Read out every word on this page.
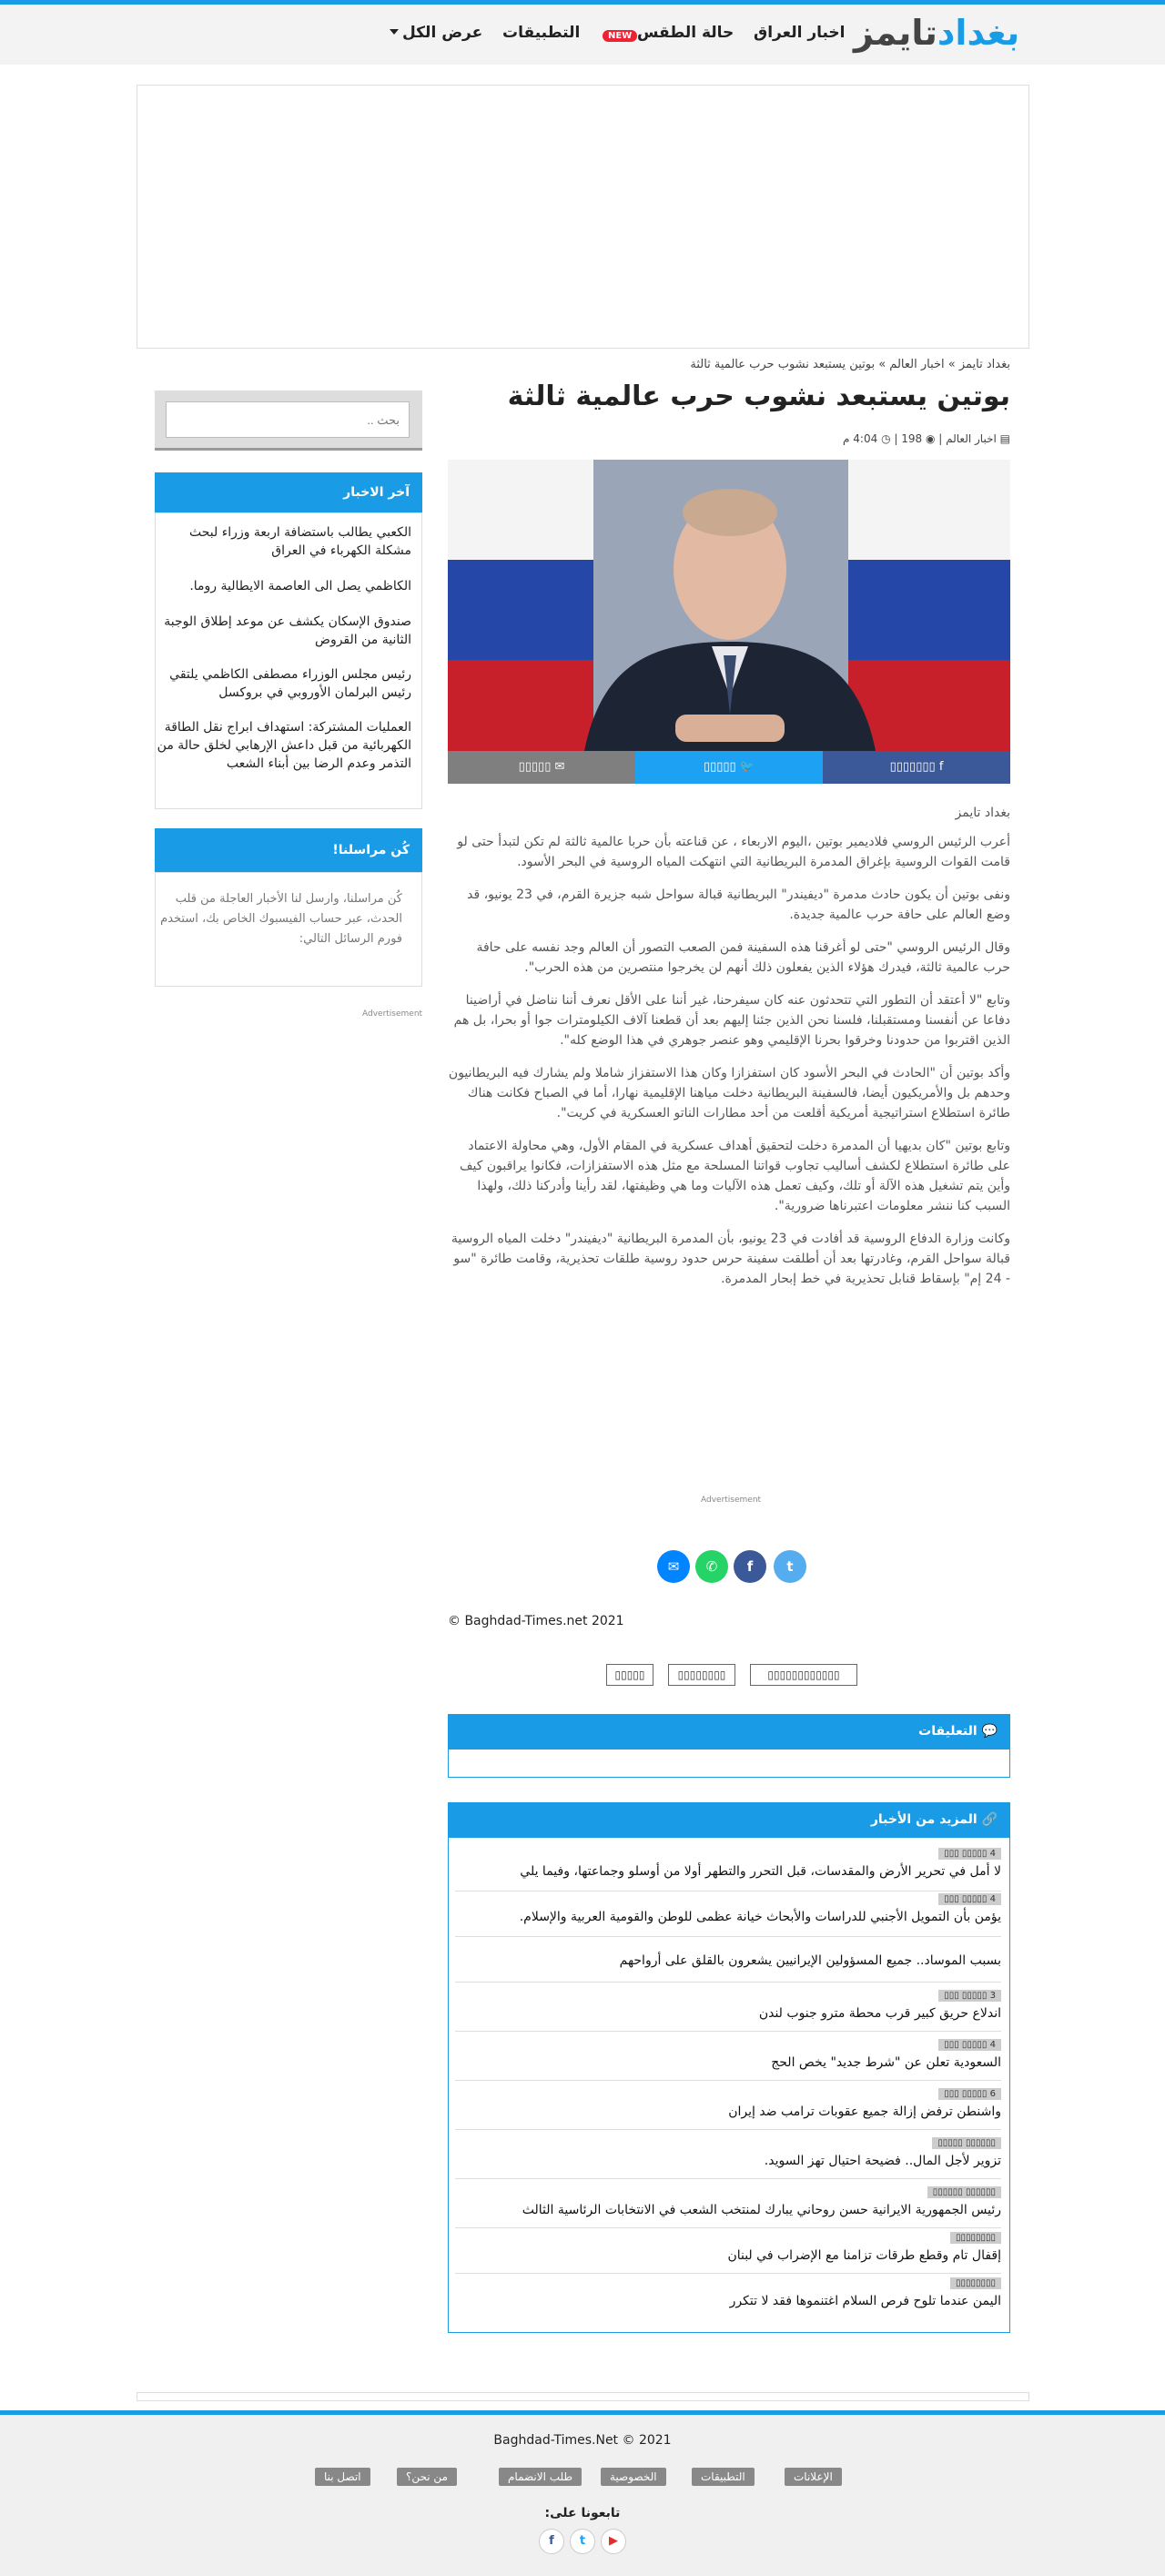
بغدادتايمز
اخبار العراق
حالة الطقس
NEW
التطبيقات
عرض الكل
بغداد تايمز » اخبار العالم » بوتين يستبعد نشوب حرب عالمية ثالثة
بوتين يستبعد نشوب حرب عالمية ثالثة
▤ اخبار العالم | ◉ 198 | ◷ 4:04 م
f ▯▯▯▯▯▯▯
🐦 ▯▯▯▯▯
✉ ▯▯▯▯▯

بغداد تايمز

أعرب الرئيس الروسي فلاديمير بوتين ،اليوم الاربعاء ، عن قناعته بأن حربا عالمية ثالثة لم تكن لتبدأ حتى لو قامت القوات الروسية بإغراق المدمرة البريطانية التي انتهكت المياه الروسية في البحر الأسود.

ونفى بوتين أن يكون حادث مدمرة "ديفيندر" البريطانية قبالة سواحل شبه جزيرة القرم، في 23 يونيو، قد وضع العالم على حافة حرب عالمية جديدة.

وقال الرئيس الروسي "حتى لو أغرقنا هذه السفينة فمن الصعب التصور أن العالم وجد نفسه على حافة حرب عالمية ثالثة، فيدرك هؤلاء الذين يفعلون ذلك أنهم لن يخرجوا منتصرين من هذه الحرب".

وتابع "لا أعتقد أن التطور التي تتحدثون عنه كان سيفرحنا، غير أننا على الأقل نعرف أننا نناضل في أراضينا دفاعا عن أنفسنا ومستقبلنا، فلسنا نحن الذين جئنا إليهم بعد أن قطعنا آلاف الكيلومترات جوا أو بحرا، بل هم الذين اقتربوا من حدودنا وخرقوا بحرنا الإقليمي وهو عنصر جوهري في هذا الوضع كله".

وأكد بوتين أن "الحادث في البحر الأسود كان استفزازا وكان هذا الاستفزاز شاملا ولم يشارك فيه البريطانيون وحدهم بل والأمريكيون أيضا، فالسفينة البريطانية دخلت مياهنا الإقليمية نهارا، أما في الصباح فكانت هناك طائرة استطلاع استراتيجية أمريكية أقلعت من أحد مطارات الناتو العسكرية في كريت".

وتابع بوتين "كان بديهيا أن المدمرة دخلت لتحقيق أهداف عسكرية في المقام الأول، وهي محاولة الاعتماد على طائرة استطلاع لكشف أساليب تجاوب قواتنا المسلحة مع مثل هذه الاستفزازات، فكانوا يراقبون كيف وأين يتم تشغيل هذه الآلة أو تلك، وكيف تعمل هذه الآليات وما هي وظيفتها، لقد رأينا وأدركنا ذلك، ولهذا السبب كنا ننشر معلومات اعتبرناها ضرورية".

وكانت وزارة الدفاع الروسية قد أفادت في 23 يونيو، بأن المدمرة البريطانية "ديفيندر" دخلت المياه الروسية قبالة سواحل القرم، وغادرتها بعد أن أطلقت سفينة حرس حدود روسية طلقات تحذيرية، وقامت طائرة "سو - 24 إم" بإسقاط قنابل تحذيرية في خط إبحار المدمرة.

Advertisement
t
f
✆
✉
© Baghdad-Times.net 2021
▯▯▯▯▯▯▯▯▯▯▯▯
▯▯▯▯▯▯▯▯
▯▯▯▯▯
💬 التعليقات
🔗 المزيد من الأخبار
4 ▯▯▯▯▯ ▯▯▯
لا أمل في تحرير الأرض والمقدسات، قبل التحرر والتطهر أولا من أوسلو وجماعتها، وفيما يلي
4 ▯▯▯▯▯ ▯▯▯
يؤمن بأن التمويل الأجنبي للدراسات والأبحاث خيانة عظمى للوطن والقومية العربية والإسلام.
بسبب الموساد.. جميع المسؤولين الإيرانيين يشعرون بالقلق على أرواحهم
3 ▯▯▯▯▯ ▯▯▯
اندلاع حريق كبير قرب محطة مترو جنوب لندن
4 ▯▯▯▯▯ ▯▯▯
السعودية تعلن عن "شرط جديد" يخص الحج
6 ▯▯▯▯▯ ▯▯▯
واشنطن ترفض إزالة جميع عقوبات ترامب ضد إيران
▯▯▯▯▯▯ ▯▯▯▯▯
تزوير لأجل المال.. فضيحة احتيال تهز السويد.
▯▯▯▯▯▯ ▯▯▯▯▯▯
رئيس الجمهورية الايرانية حسن روحاني يبارك لمنتخب الشعب في الانتخابات الرئاسية الثالث
▯▯▯▯▯▯▯▯
إقفال تام وقطع طرقات تزامنا مع الإضراب في لبنان
▯▯▯▯▯▯▯▯
اليمن عندما تلوح فرص السلام اغتنموها فقد لا تتكرر
بحث ..
آخر الاخبار
الكعبي يطالب باستضافة اربعة وزراء لبحث مشكلة الكهرباء في العراق
الكاظمي يصل الى العاصمة الايطالية روما.
صندوق الإسكان يكشف عن موعد إطلاق الوجبة الثانية من القروض
رئيس مجلس الوزراء مصطفى الكاظمي يلتقي رئيس البرلمان الأوروبي في بروكسل
العمليات المشتركة: استهداف ابراج نقل الطاقة الكهربائية من قبل داعش الإرهابي لخلق حالة من التذمر وعدم الرضا بين أبناء الشعب
كُن مراسلنا!
كُن مراسلنا، وارسل لنا الأخبار العاجلة من قلب الحدث، عبر حساب الفيسبوك الخاص بك، استخدم فورم الرسائل التالي:
Advertisement
Baghdad-Times.Net © 2021
الإعلانات
التطبيقات
الخصوصية
طلب الانضمام
من نحن؟
اتصل بنا
تابعونا على:
f	t	▶
